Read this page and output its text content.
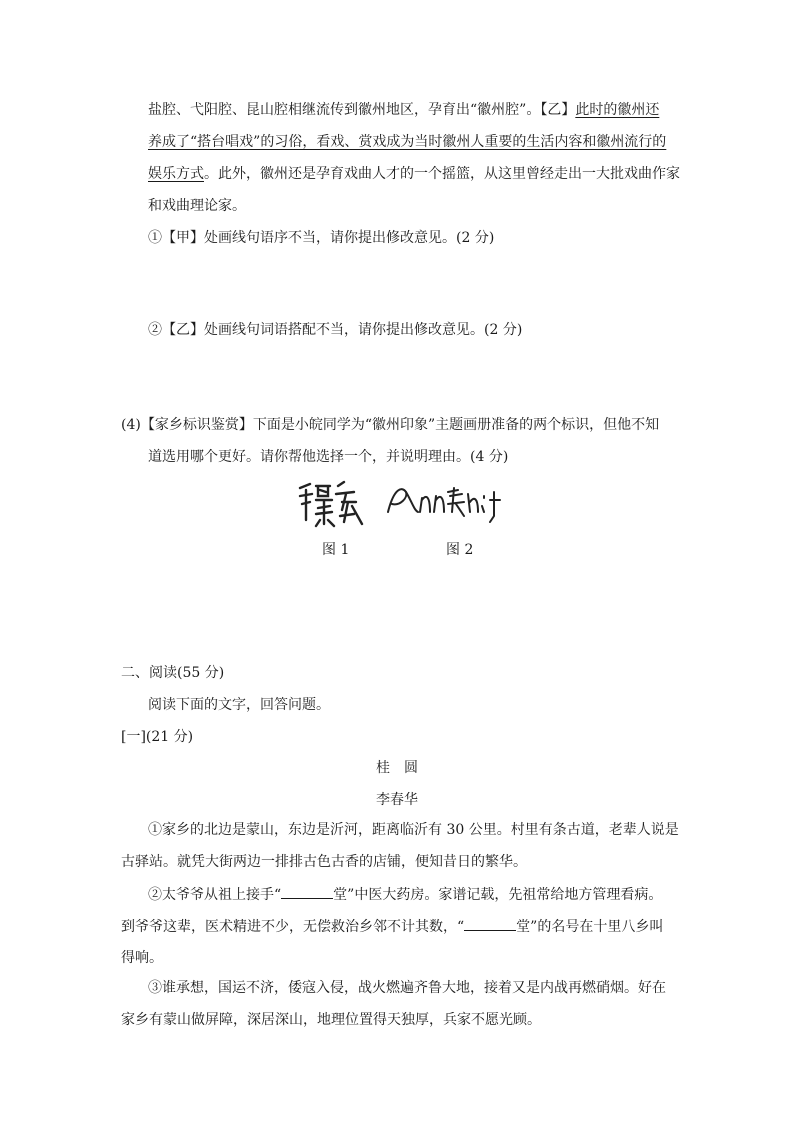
盐腔、弋阳腔、昆山腔相继流传到徽州地区，孕育出“徽州腔”。【乙】此时的徽州还
养成了“搭台唱戏”的习俗，看戏、赏戏成为当时徽州人重要的生活内容和徽州流行的
娱乐方式。此外，徽州还是孕育戏曲人才的一个摇篮，从这里曾经走出一大批戏曲作家
和戏曲理论家。
①【甲】处画线句语序不当，请你提出修改意见。(2 分)
②【乙】处画线句词语搭配不当，请你提出修改意见。(2 分)
(4)【家乡标识鉴赏】下面是小皖同学为“徽州印象”主题画册准备的两个标识，但他不知
道选用哪个更好。请你帮他选择一个，并说明理由。(4 分)
图 1	图 2
二、阅读(55 分)
阅读下面的文字，回答问题。
[一](21 分)
桂　圆
李春华
①家乡的北边是蒙山，东边是沂河，距离临沂有 30 公里。村里有条古道，老辈人说是
古驿站。就凭大街两边一排排古色古香的店铺，便知昔日的繁华。
②太爷爷从祖上接手“	堂”中医大药房。家谱记载，先祖常给地方管理看病。
到爷爷这辈，医术精进不少，无偿救治乡邻不计其数，“	堂”的名号在十里八乡叫
得响。
③谁承想，国运不济，倭寇入侵，战火燃遍齐鲁大地，接着又是内战再燃硝烟。好在
家乡有蒙山做屏障，深居深山，地理位置得天独厚，兵家不愿光顾。
